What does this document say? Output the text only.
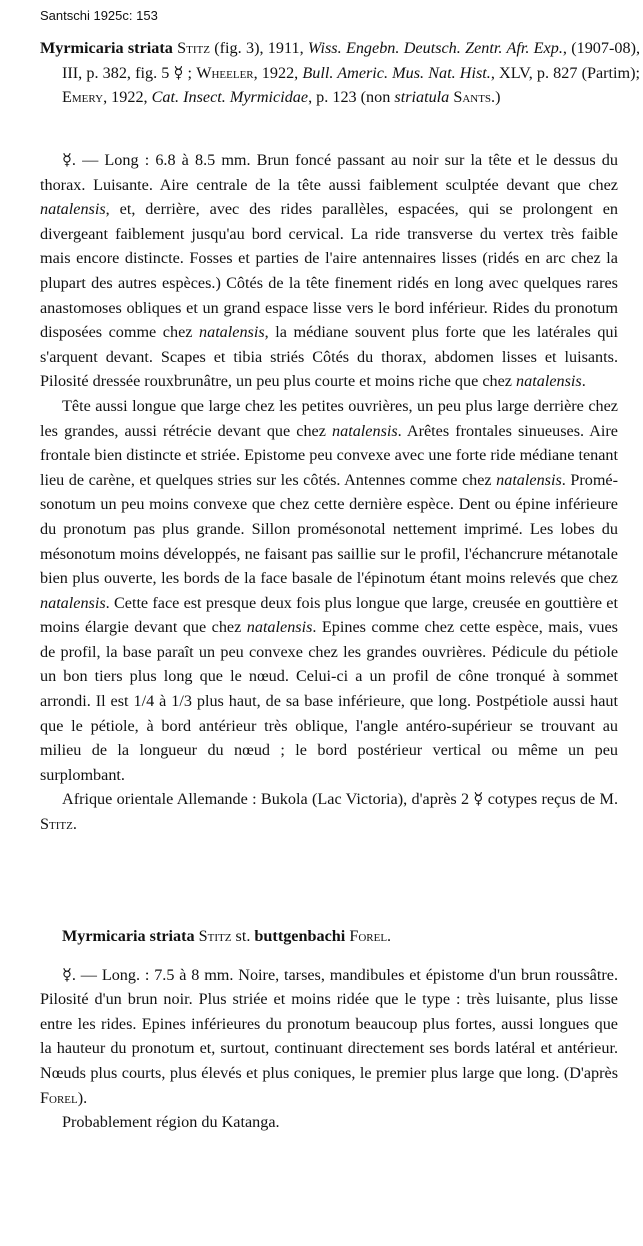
Santschi 1925c: 153
Myrmicaria striata Stitz (fig. 3), 1911, Wiss. Engebn. Deutsch. Zentr. Afr. Exp., (1907-08), III, p. 382, fig. 5 ☿ ; Wheeler, 1922, Bull. Americ. Mus. Nat. Hist., XLV, p. 827 (Partim); Emery, 1922, Cat. Insect. Myrmicidae, p. 123 (non striatula Sants.)

☿. — Long : 6.8 à 8.5 mm. Brun foncé passant au noir sur la tête et le dessus du thorax. Luisante. Aire centrale de la tête aussi faiblement sculptée devant que chez natalensis, et, derrière, avec des rides parallèles, espacées, qui se prolongent en divergeant faiblement jusqu'au bord cervical. La ride transverse du vertex très faible mais encore distincte. Fosses et parties de l'aire antennaires lisses (ridés en arc chez la plupart des autres espèces.) Côtés de la tête finement ridés en long avec quelques rares anastomoses obliques et un grand espace lisse vers le bord inférieur. Rides du pronotum disposées comme chez natalensis, la médiane souvent plus forte que les latérales qui s'arquent devant. Scapes et tibia striés Côtés du thorax, abdomen lisses et luisants. Pilosité dressée rouxbrunâtre, un peu plus courte et moins riche que chez natalensis.

Tête aussi longue que large chez les petites ouvrières, un peu plus large derrière chez les grandes, aussi rétrécie devant que chez natalensis. Arêtes frontales sinueuses. Aire frontale bien distincte et striée. Epistome peu convexe avec une forte ride médiane tenant lieu de carène, et quelques stries sur les côtés. Antennes comme chez natalensis. Promésonotum un peu moins convexe que chez cette dernière espèce. Dent ou épine inférieure du pronotum pas plus grande. Sillon promésonotal nettement imprimé. Les lobes du mésonotum moins développés, ne faisant pas saillie sur le profil, l'échancrure métanotale bien plus ouverte, les bords de la face basale de l'épinotum étant moins relevés que chez natalensis. Cette face est presque deux fois plus longue que large, creusée en gouttière et moins élargie devant que chez natalensis. Epines comme chez cette espèce, mais, vues de profil, la base paraît un peu convexe chez les grandes ouvrières. Pédicule du pétiole un bon tiers plus long que le nœud. Celui-ci a un profil de cône tronqué à sommet arrondi. Il est 1/4 à 1/3 plus haut, de sa base inférieure, que long. Postpétiole aussi haut que le pétiole, à bord antérieur très oblique, l'angle antéro-supérieur se trouvant au milieu de la longueur du nœud ; le bord postérieur vertical ou même un peu surplombant.

Afrique orientale Allemande : Bukola (Lac Victoria), d'après 2 ☿ cotypes reçus de M. Stitz.

Myrmicaria striata Stitz st. buttgenbachi Forel.

☿. — Long. : 7.5 à 8 mm. Noire, tarses, mandibules et épistome d'un brun roussâtre. Pilosité d'un brun noir. Plus striée et moins ridée que le type : très luisante, plus lisse entre les rides. Epines inférieures du pronotum beaucoup plus fortes, aussi longues que la hauteur du pronotum et, surtout, continuant directement ses bords latéral et antérieur. Nœuds plus courts, plus élevés et plus coniques, le premier plus large que long. (D'après Forel).

Probablement région du Katanga.
